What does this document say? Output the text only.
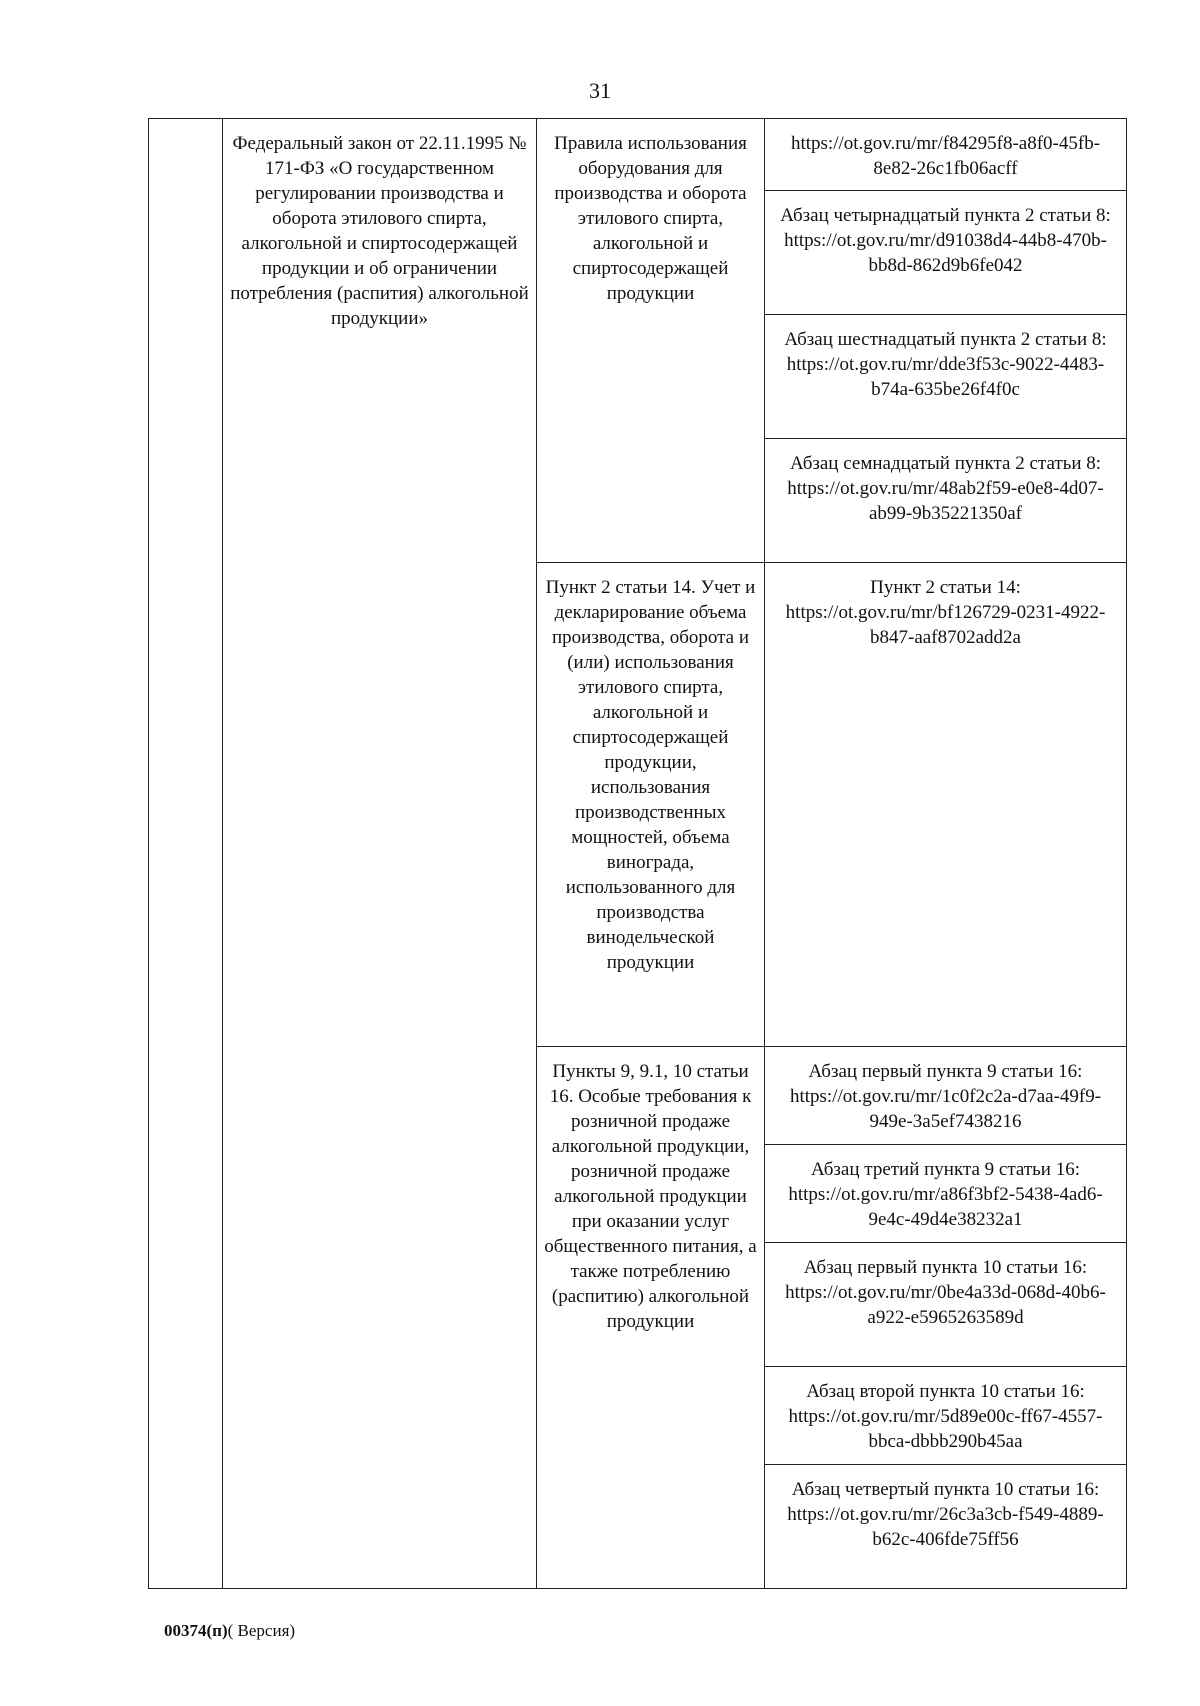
31
	Федеральный закон от 22.11.1995 № 171-ФЗ «О государственном регулировании производства и оборота этилового спирта, алкогольной и спиртосодержащей продукции и об ограничении потребления (распития) алкогольной продукции»	Правила использования оборудования для производства и оборота этилового спирта, алкогольной и спиртосодержащей продукции	https://ot.gov.ru/mr/f84295f8-a8f0-45fb-8e82-26c1fb06acff
			Абзац четырнадцатый пункта 2 статьи 8: https://ot.gov.ru/mr/d91038d4-44b8-470b-bb8d-862d9b6fe042
			Абзац шестнадцатый пункта 2 статьи 8: https://ot.gov.ru/mr/dde3f53c-9022-4483-b74a-635be26f4f0c
			Абзац семнадцатый пункта 2 статьи 8: https://ot.gov.ru/mr/48ab2f59-e0e8-4d07-ab99-9b35221350af
		Пункт 2 статьи 14. Учет и декларирование объема производства, оборота и (или) использования этилового спирта, алкогольной и спиртосодержащей продукции, использования производственных мощностей, объема винограда, использованного для производства винодельческой продукции	Пункт 2 статьи 14: https://ot.gov.ru/mr/bf126729-0231-4922-b847-aaf8702add2a
		Пункты 9, 9.1, 10 статьи 16. Особые требования к розничной продаже алкогольной продукции, розничной продаже алкогольной продукции при оказании услуг общественного питания, а также потреблению (распитию) алкогольной продукции	Абзац первый пункта 9 статьи 16: https://ot.gov.ru/mr/1c0f2c2a-d7aa-49f9-949e-3a5ef7438216
			Абзац третий пункта 9 статьи 16: https://ot.gov.ru/mr/a86f3bf2-5438-4ad6-9e4c-49d4e38232a1
			Абзац первый пункта 10 статьи 16: https://ot.gov.ru/mr/0be4a33d-068d-40b6-a922-e5965263589d
			Абзац второй пункта 10 статьи 16: https://ot.gov.ru/mr/5d89e00c-ff67-4557-bbca-dbbb290b45aa
			Абзац четвертый пункта 10 статьи 16: https://ot.gov.ru/mr/26c3a3cb-f549-4889-b62c-406fde75ff56
00374(п)( Версия)
